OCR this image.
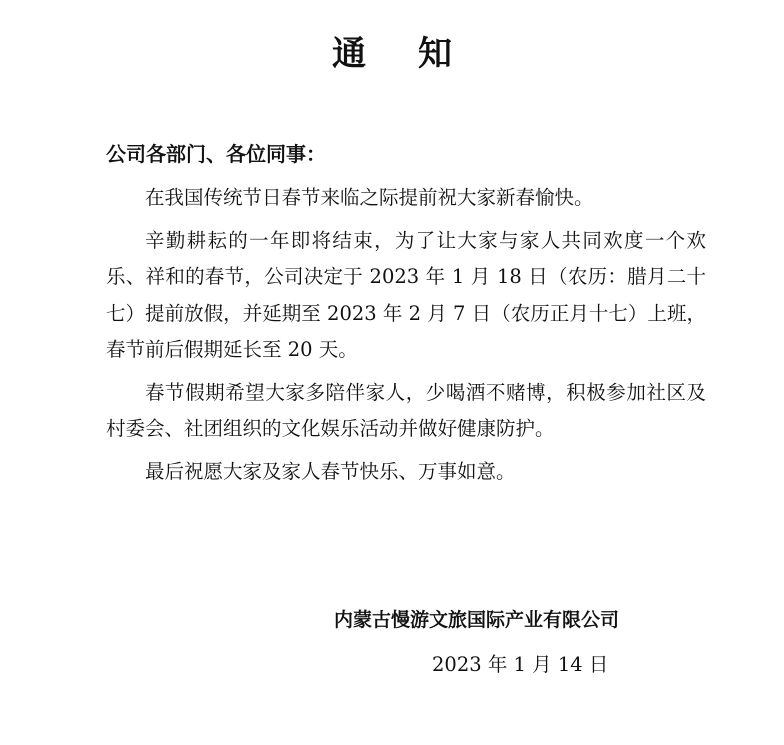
通知
公司各部门、各位同事：

在我国传统节日春节来临之际提前祝大家新春愉快。

辛勤耕耘的一年即将结束，为了让大家与家人共同欢度一个欢乐、祥和的春节，公司决定于 2023 年 1 月 18 日（农历：腊月二十七）提前放假，并延期至 2023 年 2 月 7 日（农历正月十七）上班，春节前后假期延长至 20 天。

春节假期希望大家多陪伴家人，少喝酒不赌博，积极参加社区及村委会、社团组织的文化娱乐活动并做好健康防护。

最后祝愿大家及家人春节快乐、万事如意。

内蒙古慢游文旅国际产业有限公司
2023 年 1 月 14 日
